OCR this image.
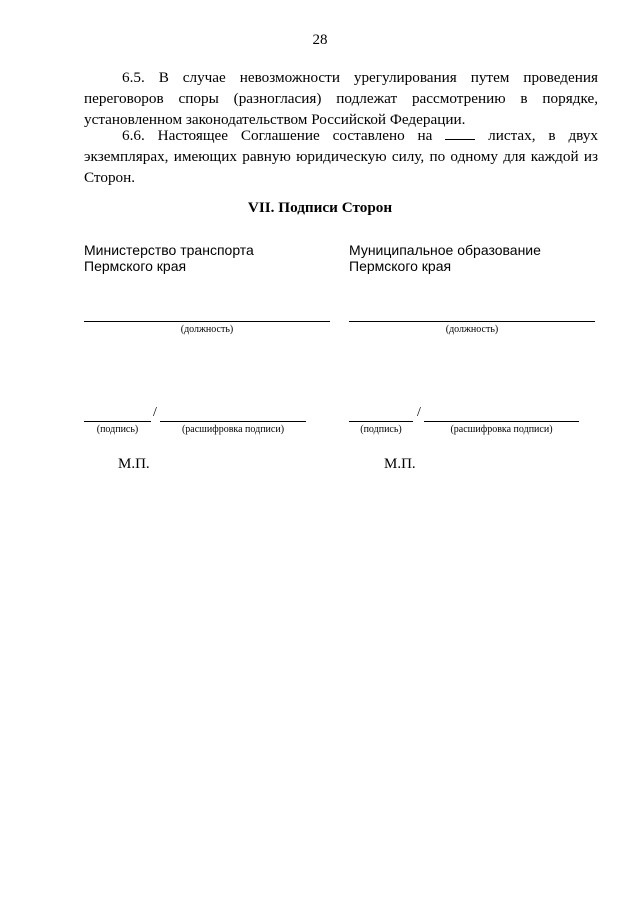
28

6.5. В случае невозможности урегулирования путем проведения переговоров споры (разногласия) подлежат рассмотрению в порядке, установленном законодательством Российской Федерации.

6.6. Настоящее Соглашение составлено на  листах, в двух экземплярах, имеющих равную юридическую силу, по одному для каждой из Сторон.

VII. Подписи Сторон
Министерство транспорта
Пермского края
(должность)
/
(подпись)	(расшифровка подписи)
М.П.
Муниципальное образование
Пермского края
(должность)
/
(подпись)	(расшифровка подписи)
М.П.
